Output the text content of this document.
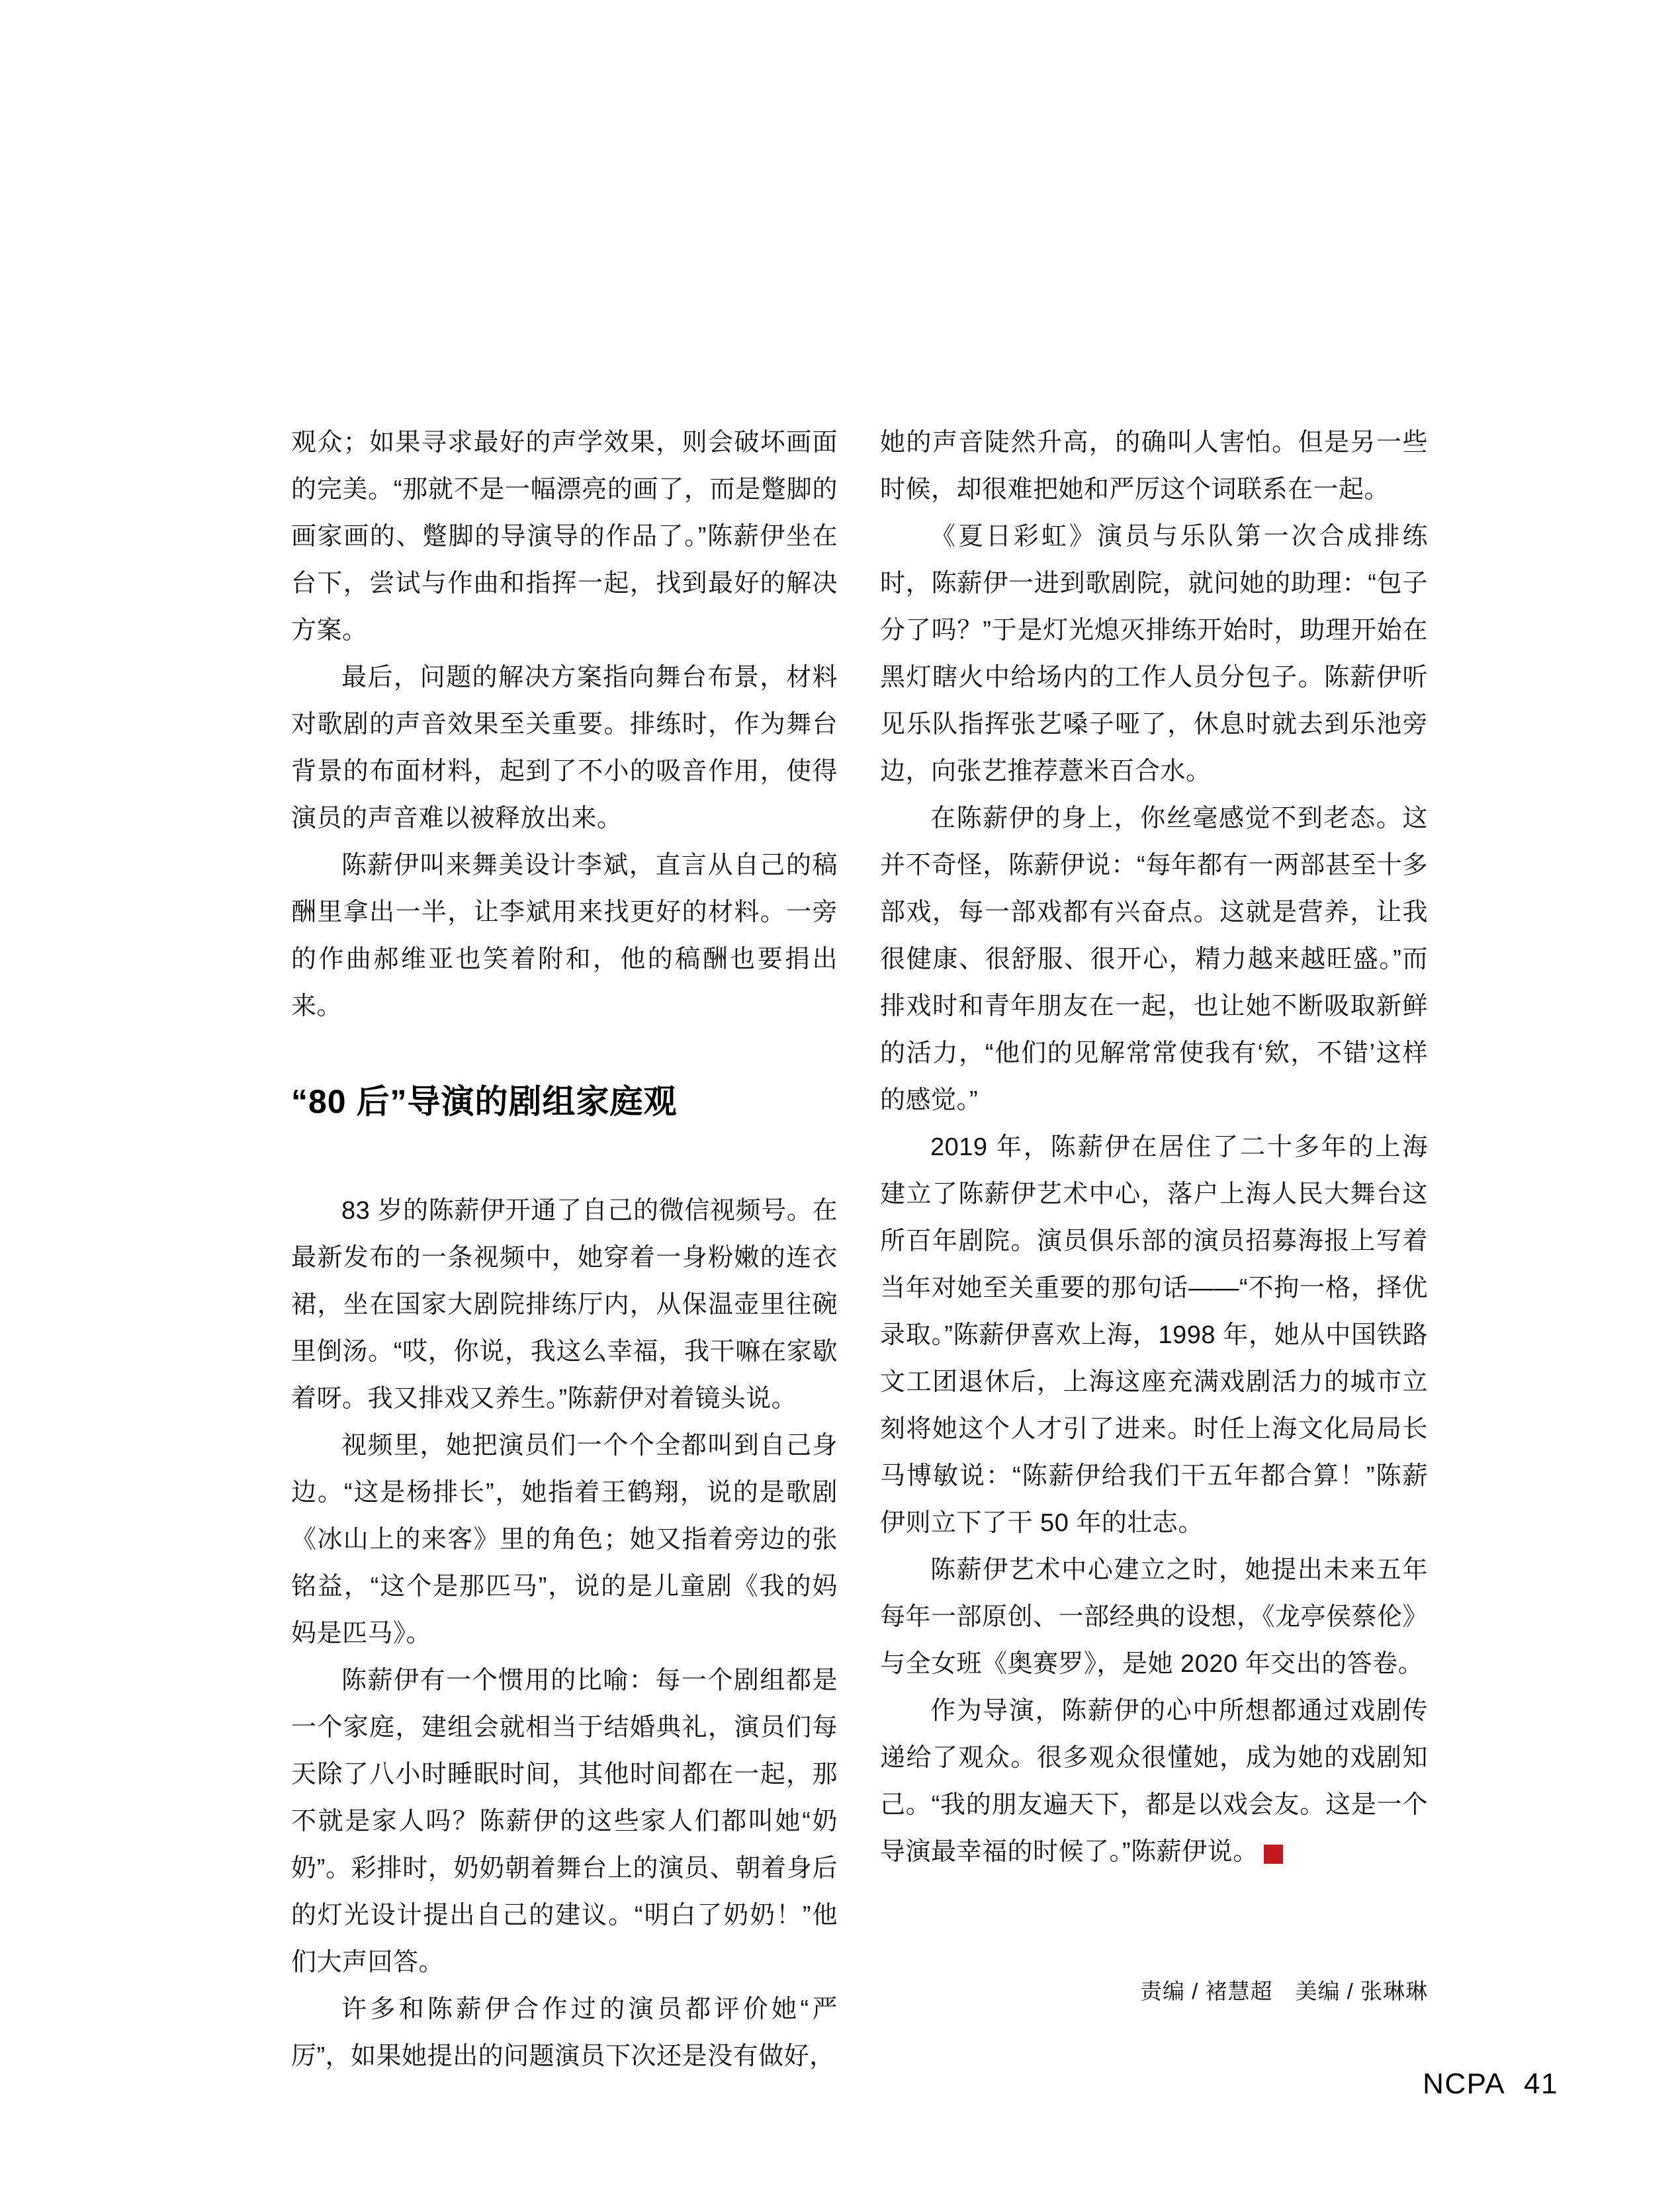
观众；如果寻求最好的声学效果，则会破坏画面的完美。“那就不是一幅漂亮的画了，而是蹩脚的画家画的、蹩脚的导演导的作品了。”陈薪伊坐在台下，尝试与作曲和指挥一起，找到最好的解决方案。

最后，问题的解决方案指向舞台布景，材料对歌剧的声音效果至关重要。排练时，作为舞台背景的布面材料，起到了不小的吸音作用，使得演员的声音难以被释放出来。

陈薪伊叫来舞美设计李斌，直言从自己的稿酬里拿出一半，让李斌用来找更好的材料。一旁的作曲郝维亚也笑着附和，他的稿酬也要捐出来。

“80 后”导演的剧组家庭观

83 岁的陈薪伊开通了自己的微信视频号。在最新发布的一条视频中，她穿着一身粉嫩的连衣裙，坐在国家大剧院排练厅内，从保温壶里往碗里倒汤。“哎，你说，我这么幸福，我干嘛在家歇着呀。我又排戏又养生。”陈薪伊对着镜头说。

视频里，她把演员们一个个全都叫到自己身边。“这是杨排长”，她指着王鹤翔，说的是歌剧《冰山上的来客》里的角色；她又指着旁边的张铭益，“这个是那匹马”，说的是儿童剧《我的妈妈是匹马》。

陈薪伊有一个惯用的比喻：每一个剧组都是一个家庭，建组会就相当于结婚典礼，演员们每天除了八小时睡眠时间，其他时间都在一起，那不就是家人吗？陈薪伊的这些家人们都叫她“奶奶”。彩排时，奶奶朝着舞台上的演员、朝着身后的灯光设计提出自己的建议。“明白了奶奶！”他们大声回答。

许多和陈薪伊合作过的演员都评价她“严厉”，如果她提出的问题演员下次还是没有做好，

她的声音陡然升高，的确叫人害怕。但是另一些时候，却很难把她和严厉这个词联系在一起。

《夏日彩虹》演员与乐队第一次合成排练时，陈薪伊一进到歌剧院，就问她的助理：“包子分了吗？”于是灯光熄灭排练开始时，助理开始在黑灯瞎火中给场内的工作人员分包子。陈薪伊听见乐队指挥张艺嗓子哑了，休息时就去到乐池旁边，向张艺推荐薏米百合水。

在陈薪伊的身上，你丝毫感觉不到老态。这并不奇怪，陈薪伊说：“每年都有一两部甚至十多部戏，每一部戏都有兴奋点。这就是营养，让我很健康、很舒服、很开心，精力越来越旺盛。”而排戏时和青年朋友在一起，也让她不断吸取新鲜的活力，“他们的见解常常使我有‘欸，不错’这样的感觉。”

2019 年，陈薪伊在居住了二十多年的上海建立了陈薪伊艺术中心，落户上海人民大舞台这所百年剧院。演员俱乐部的演员招募海报上写着当年对她至关重要的那句话——“不拘一格，择优录取。”陈薪伊喜欢上海，1998 年，她从中国铁路文工团退休后，上海这座充满戏剧活力的城市立刻将她这个人才引了进来。时任上海文化局局长马博敏说：“陈薪伊给我们干五年都合算！”陈薪伊则立下了干 50 年的壮志。

陈薪伊艺术中心建立之时，她提出未来五年每年一部原创、一部经典的设想，《龙亭侯蔡伦》与全女班《奥赛罗》，是她 2020 年交出的答卷。

作为导演，陈薪伊的心中所想都通过戏剧传递给了观众。很多观众很懂她，成为她的戏剧知己。“我的朋友遍天下，都是以戏会友。这是一个导演最幸福的时候了。”陈薪伊说。	NC
PA

责编 / 褚慧超　美编 / 张琳琳
NCPA 41
